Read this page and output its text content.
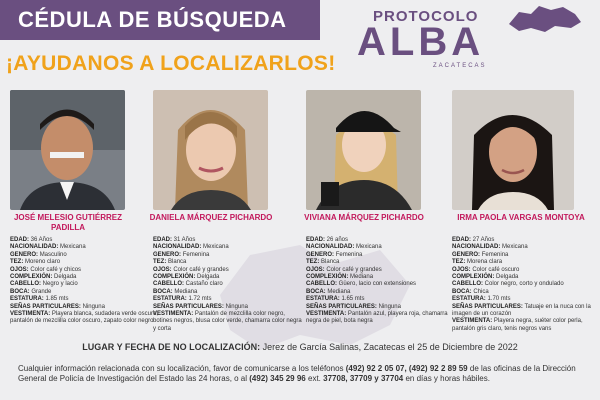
CÉDULA DE BÚSQUEDA
¡AYUDANOS A LOCALIZARLOS!
PROTOCOLO
ALBA
ZACATECAS
JOSÉ MELESIO GUTIÉRREZ PADILLA
EDAD: 36 Años
NACIONALIDAD: Mexicana
GENERO: Masculino
TEZ: Moreno claro
OJOS: Color café y chicos
COMPLEXIÓN: Delgada
CABELLO: Negro y lacio
BOCA: Grande
ESTATURA: 1.85 mts
SEÑAS PARTICULARES: Ninguna
VESTIMENTA: Playera blanca, sudadera verde oscuro, pantalón de mezclilla color oscuro, zapato color negro
DANIELA MÁRQUEZ PICHARDO
EDAD: 31 Años
NACIONALIDAD: Mexicana
GENERO: Femenina
TEZ: Blanca
OJOS: Color café y grandes
COMPLEXIÓN: Delgada
CABELLO: Castaño claro
BOCA: Mediana
ESTATURA: 1.72 mts
SEÑAS PARTICULARES: Ninguna
VESTIMENTA: Pantalón de mezclilla color negro, botines negros, blusa color verde, chamarra color negra y corta
VIVIANA MÁRQUEZ PICHARDO
EDAD: 26 años
NACIONALIDAD: Mexicana
GENERO: Femenina
TEZ: Blanca
OJOS: Color café y grandes
COMPLEXIÓN: Mediana
CABELLO: Güero, lacio con extensiones
BOCA: Mediana
ESTATURA: 1.65 mts
SEÑAS PARTICULARES: Ninguna
VESTIMENTA: Pantalón azul, playera roja, chamarra negra de piel, bota negra
IRMA PAOLA VARGAS MONTOYA
EDAD: 27 Años
NACIONALIDAD: Mexicana
GENERO: Femenina
TEZ: Morena clara
OJOS: Color café oscuro
COMPLEXIÓN: Delgada
CABELLO: Color negro, corto y ondulado
BOCA: Chica
ESTATURA: 1.70 mts
SEÑAS PARTICULARES: Tatuaje en la nuca con la imagen de un corazón
VESTIMENTA: Playera negra, suéter color perla, pantalón gris claro, tenis negros vans
LUGAR Y FECHA DE NO LOCALIZACIÓN: Jerez de García Salinas, Zacatecas el 25 de Diciembre de 2022
Cualquier información relacionada con su localización, favor de comunicarse a los teléfonos (492) 92 2 05 07, (492) 92 2 89 59 de las oficinas de la Dirección General de Policía de Investigación del Estado las 24 horas, o al (492) 345 29 96 ext. 37708, 37709 y 37704 en días y horas hábiles.
